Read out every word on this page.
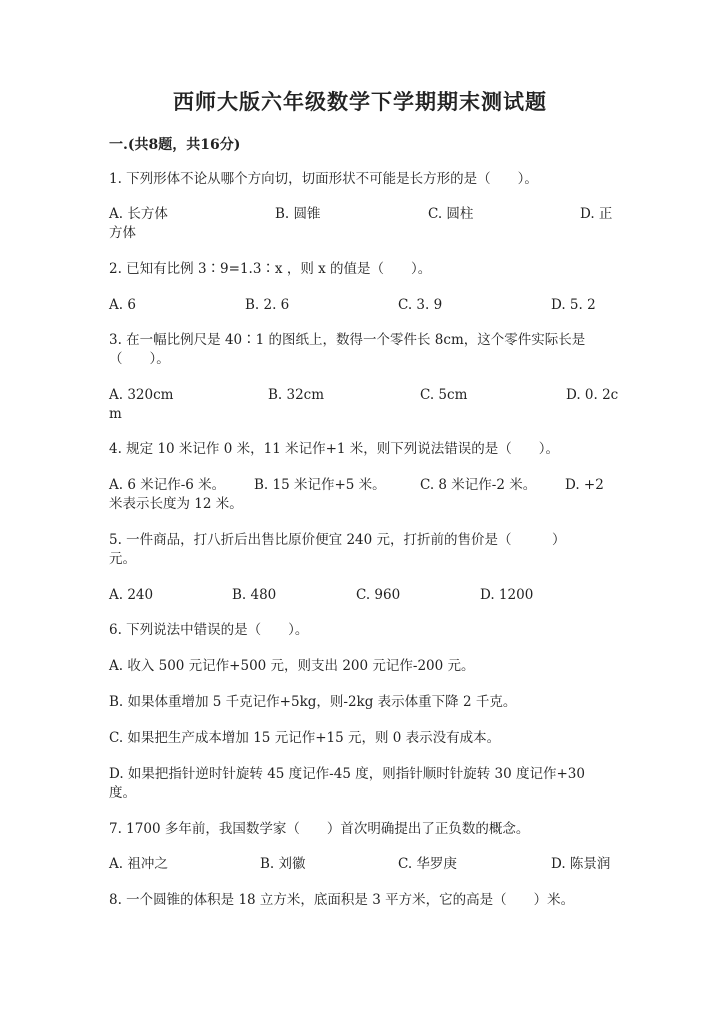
西师大版六年级数学下学期期末测试题
一.(共8题，共16分)
1. 下列形体不论从哪个方向切，切面形状不可能是长方形的是（　　）。
A. 长方体	B. 圆锥	C. 圆柱	D. 正
方体
2. 已知有比例 3∶9=1.3∶x ，则 x 的值是（　　）。
A. 6	B. 2. 6	C. 3. 9	D. 5. 2
3. 在一幅比例尺是 40∶1 的图纸上，数得一个零件长 8cm，这个零件实际长是
（　　）。
A. 320cm	B. 32cm	C. 5cm	D. 0. 2c
m
4. 规定 10 米记作 0 米，11 米记作+1 米，则下列说法错误的是（　　）。
A. 6 米记作-6 米。 B. 15 米记作+5 米。	C. 8 米记作-2 米。 D. +2
米表示长度为 12 米。
5. 一件商品，打八折后出售比原价便宜 240 元，打折前的售价是（　　　）
元。
A. 240	B. 480	C. 960	D. 1200
6. 下列说法中错误的是（　　）。
A. 收入 500 元记作+500 元，则支出 200 元记作-200 元。
B. 如果体重增加 5 千克记作+5kg，则-2kg 表示体重下降 2 千克。
C. 如果把生产成本增加 15 元记作+15 元，则 0 表示没有成本。
D. 如果把指针逆时针旋转 45 度记作-45 度，则指针顺时针旋转 30 度记作+30
度。
7. 1700 多年前，我国数学家（　　）首次明确提出了正负数的概念。
A. 祖冲之	B. 刘徽	C. 华罗庚	D. 陈景润
8. 一个圆锥的体积是 18 立方米，底面积是 3 平方米，它的高是（　　）米。
